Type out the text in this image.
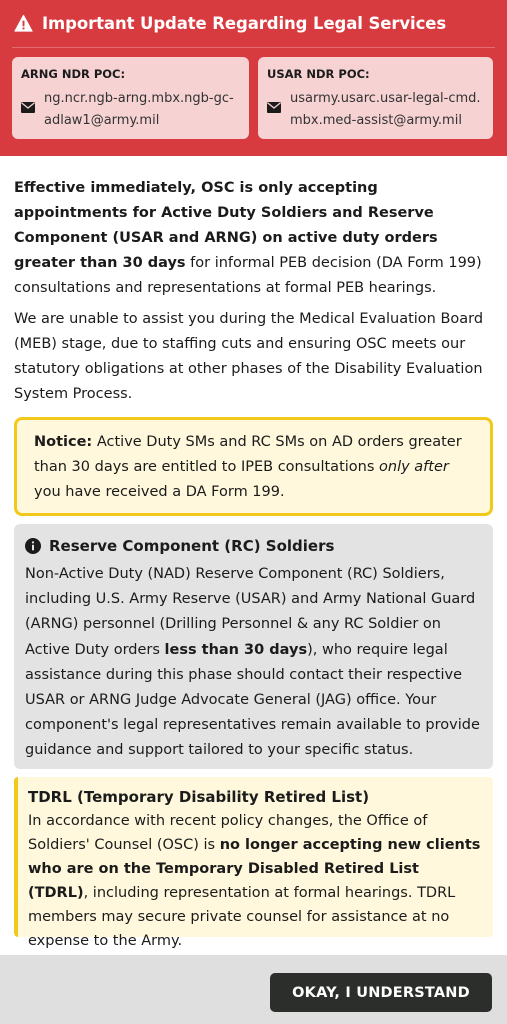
Important Update Regarding Legal Services
ARNG NDR POC:
ng.ncr.ngb-arng.mbx.ngb-gc-adlaw1@army.mil
USAR NDR POC:
usarmy.usarc.usar-legal-cmd.mbx.med-assist@army.mil

Effective immediately, OSC is only accepting appointments for Active Duty Soldiers and Reserve Component (USAR and ARNG) on active duty orders greater than 30 days for informal PEB decision (DA Form 199) consultations and representations at formal PEB hearings.

We are unable to assist you during the Medical Evaluation Board (MEB) stage, due to staffing cuts and ensuring OSC meets our statutory obligations at other phases of the Disability Evaluation System Process.

Notice: Active Duty SMs and RC SMs on AD orders greater than 30 days are entitled to IPEB consultations only after you have received a DA Form 199.
Reserve Component (RC) Soldiers

Non-Active Duty (NAD) Reserve Component (RC) Soldiers, including U.S. Army Reserve (USAR) and Army National Guard (ARNG) personnel (Drilling Personnel & any RC Soldier on Active Duty orders less than 30 days), who require legal assistance during this phase should contact their respective USAR or ARNG Judge Advocate General (JAG) office. Your component's legal representatives remain available to provide guidance and support tailored to your specific status.

TDRL (Temporary Disability Retired List)

In accordance with recent policy changes, the Office of Soldiers' Counsel (OSC) is no longer accepting new clients who are on the Temporary Disabled Retired List (TDRL), including representation at formal hearings. TDRL members may secure private counsel for assistance at no expense to the Army.

OKAY, I UNDERSTAND
